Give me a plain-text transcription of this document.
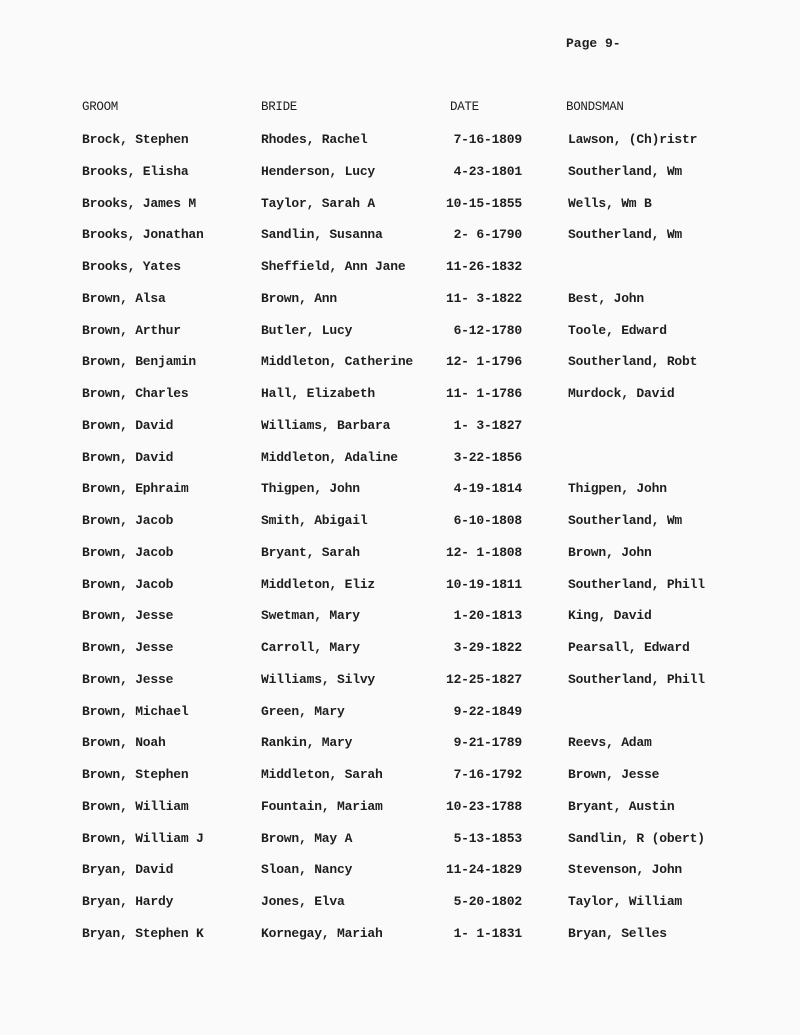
Page 9-
GROOM	BRIDE	DATE	BONDSMAN
Brock, Stephen	Rhodes, Rachel	7-16-1809	Lawson, (Ch)ristr
Brooks, Elisha	Henderson, Lucy	4-23-1801	Southerland, Wm
Brooks, James M	Taylor, Sarah A	10-15-1855	Wells, Wm B
Brooks, Jonathan	Sandlin, Susanna	2- 6-1790	Southerland, Wm
Brooks, Yates	Sheffield, Ann Jane	11-26-1832
Brown, Alsa	Brown, Ann	11- 3-1822	Best, John
Brown, Arthur	Butler, Lucy	6-12-1780	Toole, Edward
Brown, Benjamin	Middleton, Catherine	12- 1-1796	Southerland, Robt
Brown, Charles	Hall, Elizabeth	11- 1-1786	Murdock, David
Brown, David	Williams, Barbara	1- 3-1827
Brown, David	Middleton, Adaline	3-22-1856
Brown, Ephraim	Thigpen, John	4-19-1814	Thigpen, John
Brown, Jacob	Smith, Abigail	6-10-1808	Southerland, Wm
Brown, Jacob	Bryant, Sarah	12- 1-1808	Brown, John
Brown, Jacob	Middleton, Eliz	10-19-1811	Southerland, Phill
Brown, Jesse	Swetman, Mary	1-20-1813	King, David
Brown, Jesse	Carroll, Mary	3-29-1822	Pearsall, Edward
Brown, Jesse	Williams, Silvy	12-25-1827	Southerland, Phill
Brown, Michael	Green, Mary	9-22-1849
Brown, Noah	Rankin, Mary	9-21-1789	Reevs, Adam
Brown, Stephen	Middleton, Sarah	7-16-1792	Brown, Jesse
Brown, William	Fountain, Mariam	10-23-1788	Bryant, Austin
Brown, William J	Brown, May A	5-13-1853	Sandlin, R (obert)
Bryan, David	Sloan, Nancy	11-24-1829	Stevenson, John
Bryan, Hardy	Jones, Elva	5-20-1802	Taylor, William
Bryan, Stephen K	Kornegay, Mariah	1- 1-1831	Bryan, Selles
